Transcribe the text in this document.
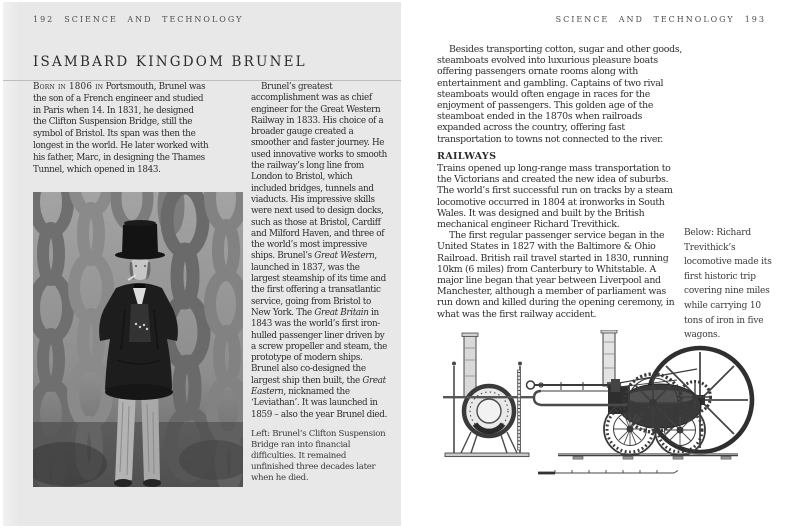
192 SCIENCE AND TECHNOLOGY
ISAMBARD KINGDOM BRUNEL
Born in 1806 in Portsmouth, Brunel was the son of a French engineer and studied in Paris when 14. In 1831, he designed the Clifton Suspension Bridge, still the symbol of Bristol. Its span was then the longest in the world. He later worked with his father, Marc, in designing the Thames Tunnel, which opened in 1843.

Brunel’s greatest accomplishment was as chief engineer for the Great Western Railway in 1833. His choice of a broader gauge created a smoother and faster journey. He used innovative works to smooth the railway’s long line from London to Bristol, which included bridges, tunnels and viaducts. His impressive skills were next used to design docks, such as those at Bristol, Cardiff and Milford Haven, and three of the world’s most impressive ships. Brunel’s Great Western, launched in 1837, was the largest steamship of its time and the first offering a transatlantic service, going from Bristol to New York. The Great Britain in 1843 was the world’s first iron-hulled passenger liner driven by a screw propeller and steam, the prototype of modern ships. Brunel also co-designed the largest ship then built, the Great Eastern, nicknamed the ‘Leviathan’. It was launched in 1859 – also the year Brunel died.

Left: Brunel’s Clifton Suspension Bridge ran into financial difficulties. It remained unfinished three decades later when he died.

SCIENCE AND TECHNOLOGY 193

Besides transporting cotton, sugar and other goods, steamboats evolved into luxurious pleasure boats offering passengers ornate rooms along with entertainment and gambling. Captains of two rival steamboats would often engage in races for the enjoyment of passengers. This golden age of the steamboat ended in the 1870s when railroads expanded across the country, offering fast transportation to towns not connected to the river.

RAILWAYS

Trains opened up long-range mass transportation to the Victorians and created the new idea of suburbs. The world’s first successful run on tracks by a steam locomotive occurred in 1804 at ironworks in South Wales. It was designed and built by the British mechanical engineer Richard Trevithick.

The first regular passenger service began in the United States in 1827 with the Baltimore & Ohio Railroad. British rail travel started in 1830, running 10km (6 miles) from Canterbury to Whitstable. A major line began that year between Liverpool and Manchester, although a member of parliament was run down and killed during the opening ceremony, in what was the first railway accident.

Below: Richard Trevithick’s locomotive made its first historic trip covering nine miles while carrying 10 tons of iron in five wagons.
